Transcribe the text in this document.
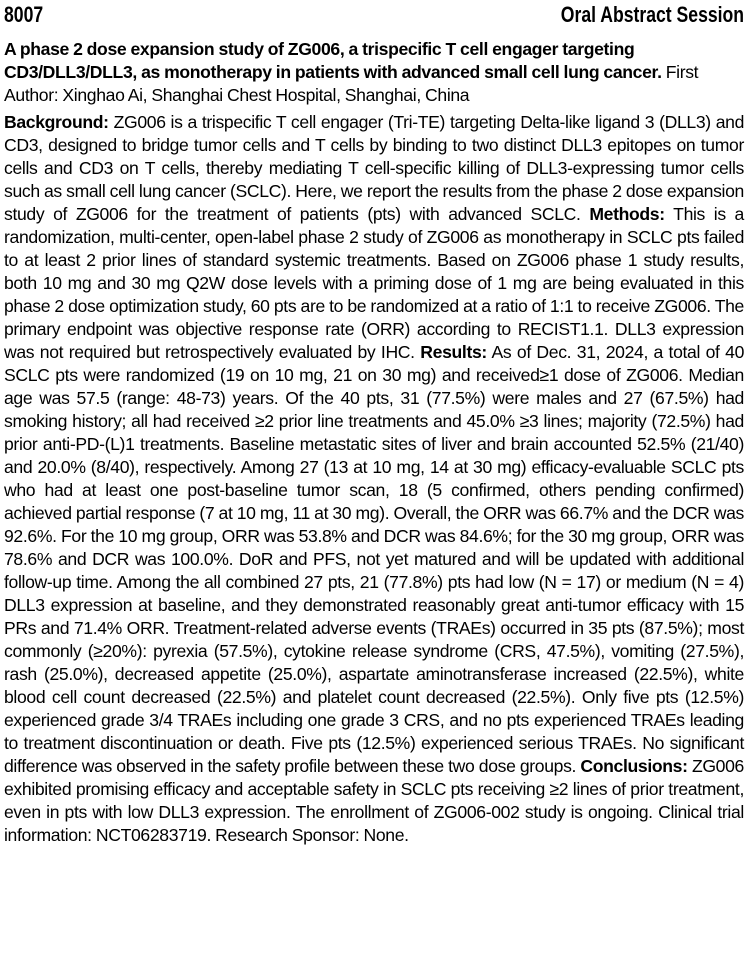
8007	Oral Abstract Session

A phase 2 dose expansion study of ZG006, a trispecific T cell engager targeting CD3/DLL3/DLL3, as monotherapy in patients with advanced small cell lung cancer. First Author: Xinghao Ai, Shanghai Chest Hospital, Shanghai, China

Background: ZG006 is a trispecific T cell engager (Tri-TE) targeting Delta-like ligand 3 (DLL3) and CD3, designed to bridge tumor cells and T cells by binding to two distinct DLL3 epitopes on tumor cells and CD3 on T cells, thereby mediating T cell-specific killing of DLL3-expressing tumor cells such as small cell lung cancer (SCLC). Here, we report the results from the phase 2 dose expansion study of ZG006 for the treatment of patients (pts) with advanced SCLC. Methods: This is a randomization, multi-center, open-label phase 2 study of ZG006 as monotherapy in SCLC pts failed to at least 2 prior lines of standard systemic treatments. Based on ZG006 phase 1 study results, both 10 mg and 30 mg Q2W dose levels with a priming dose of 1 mg are being evaluated in this phase 2 dose optimization study, 60 pts are to be randomized at a ratio of 1:1 to receive ZG006. The primary endpoint was objective response rate (ORR) according to RECIST1.1. DLL3 expression was not required but retrospectively evaluated by IHC. Results: As of Dec. 31, 2024, a total of 40 SCLC pts were randomized (19 on 10 mg, 21 on 30 mg) and received≥1 dose of ZG006. Median age was 57.5 (range: 48-73) years. Of the 40 pts, 31 (77.5%) were males and 27 (67.5%) had smoking history; all had received ≥2 prior line treatments and 45.0% ≥3 lines; majority (72.5%) had prior anti-PD-(L)1 treatments. Baseline metastatic sites of liver and brain accounted 52.5% (21/40) and 20.0% (8/40), respectively. Among 27 (13 at 10 mg, 14 at 30 mg) efficacy-evaluable SCLC pts who had at least one post-baseline tumor scan, 18 (5 confirmed, others pending confirmed) achieved partial response (7 at 10 mg, 11 at 30 mg). Overall, the ORR was 66.7% and the DCR was 92.6%. For the 10 mg group, ORR was 53.8% and DCR was 84.6%; for the 30 mg group, ORR was 78.6% and DCR was 100.0%. DoR and PFS, not yet matured and will be updated with additional follow-up time. Among the all combined 27 pts, 21 (77.8%) pts had low (N = 17) or medium (N = 4) DLL3 expression at baseline, and they demonstrated reasonably great anti-tumor efficacy with 15 PRs and 71.4% ORR. Treatment-related adverse events (TRAEs) occurred in 35 pts (87.5%); most commonly (≥20%): pyrexia (57.5%), cytokine release syndrome (CRS, 47.5%), vomiting (27.5%), rash (25.0%), decreased appetite (25.0%), aspartate aminotransferase increased (22.5%), white blood cell count decreased (22.5%) and platelet count decreased (22.5%). Only five pts (12.5%) experienced grade 3/4 TRAEs including one grade 3 CRS, and no pts experienced TRAEs leading to treatment discontinuation or death. Five pts (12.5%) experienced serious TRAEs. No significant difference was observed in the safety profile between these two dose groups. Conclusions: ZG006 exhibited promising efficacy and acceptable safety in SCLC pts receiving ≥2 lines of prior treatment, even in pts with low DLL3 expression. The enrollment of ZG006-002 study is ongoing. Clinical trial information: NCT06283719. Research Sponsor: None.
